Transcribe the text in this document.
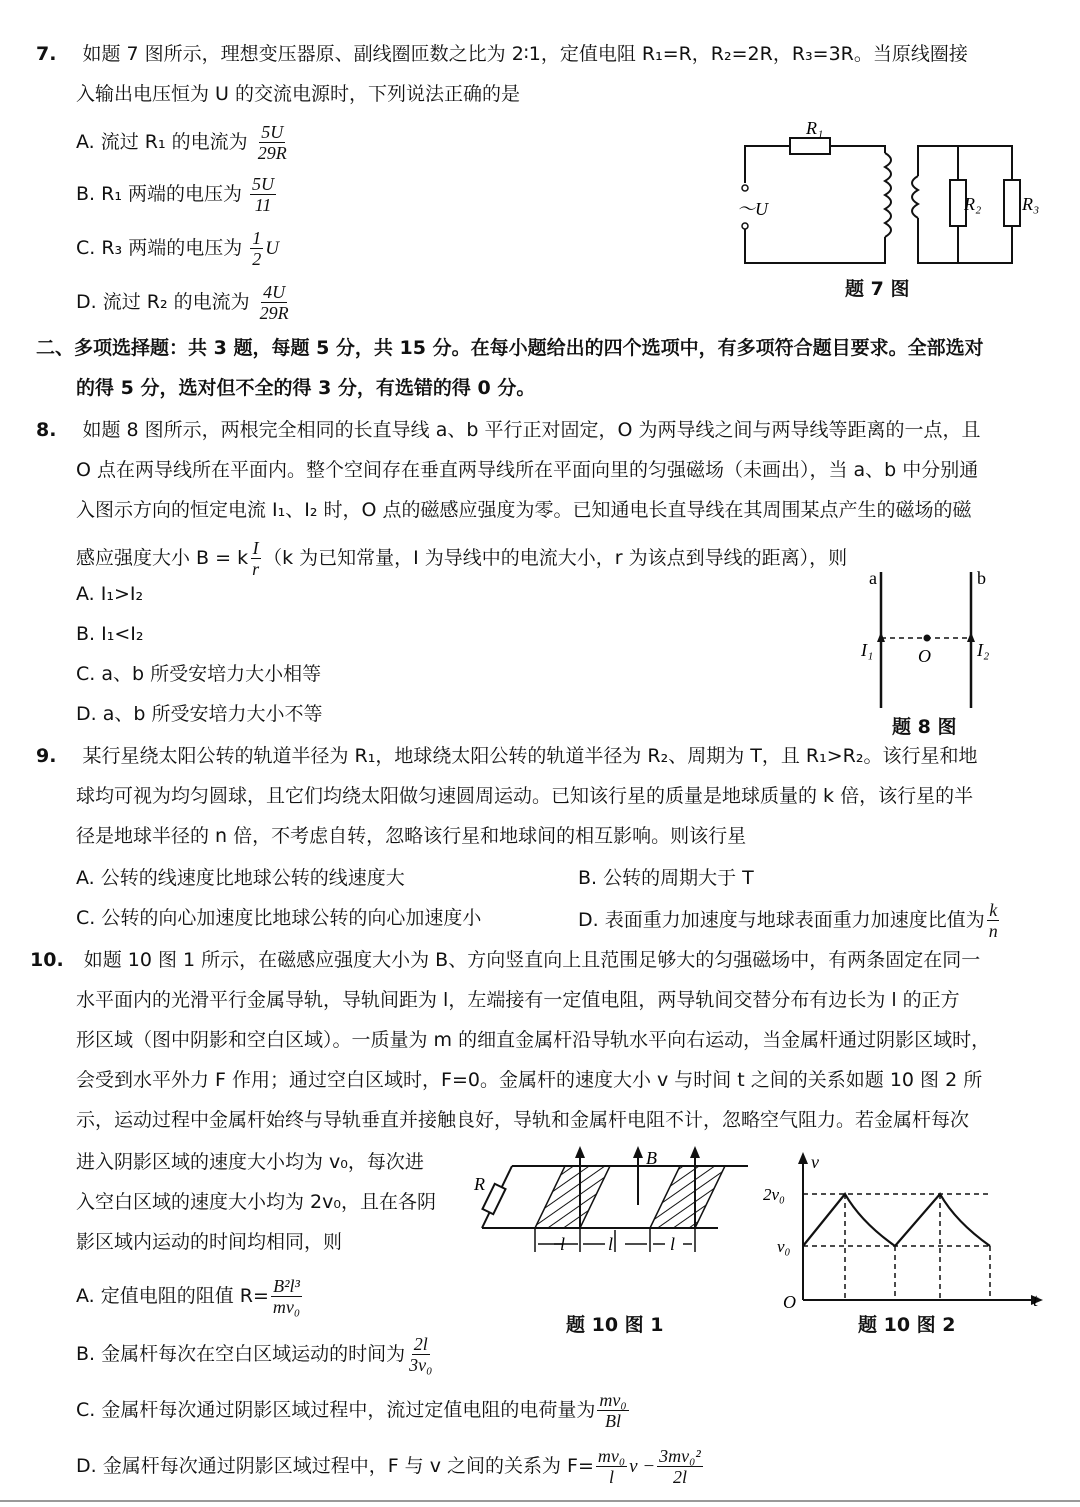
7. 如题 7 图所示，理想变压器原、副线圈匝数之比为 2∶1，定值电阻 R₁=R，R₂=2R，R₃=3R。当原线圈接
入输出电压恒为 U 的交流电源时，下列说法正确的是
A. 流过 R₁ 的电流为 $\frac{5U}{29R}$
B. R₁ 两端的电压为 $\frac{5U}{11}$
C. R₃ 两端的电压为 $\frac{1}{2}$ U
D. 流过 R₂ 的电流为 $\frac{4U}{29R}$
R₁
R₂ R₃
～U
题 7 图
二、多项选择题：共 3 题，每题 5 分，共 15 分。在每小题给出的四个选项中，有多项符合题目要求。全部选对
的得 5 分，选对但不全的得 3 分，有选错的得 0 分。
8. 如题 8 图所示，两根完全相同的长直导线 a、b 平行正对固定，O 为两导线之间与两导线等距离的一点，且
O 点在两导线所在平面内。整个空间存在垂直两导线所在平面向里的匀强磁场（未画出），当 a、b 中分别通
入图示方向的恒定电流 I₁、I₂ 时，O 点的磁感应强度为零。已知通电长直导线在其周围某点产生的磁场的磁
感应强度大小 B = k $\frac{I}{r} (k$ 为已知常量，I 为导线中的电流大小，r 为该点到导线的距离），则
A. I₁>I₂
B. I₁<I₂
C. a、b 所受安培力大小相等
D. a、b 所受安培力大小不等
a	b
I₁	I₂
O
题 8 图
9. 某行星绕太阳公转的轨道半径为 R₁，地球绕太阳公转的轨道半径为 R₂、周期为 T，且 R₁>R₂。该行星和地
球均可视为均匀圆球，且它们均绕太阳做匀速圆周运动。已知该行星的质量是地球质量的 k 倍，该行星的半
径是地球半径的 n 倍，不考虑自转，忽略该行星和地球间的相互影响。则该行星
A. 公转的线速度比地球公转的线速度大	B. 公转的周期大于 T
C. 公转的向心加速度比地球公转的向心加速度小	D. 表面重力加速度与地球表面重力加速度比值为 $\frac{k}{n}$
10. 如题 10 图 1 所示，在磁感应强度大小为 B、方向竖直向上且范围足够大的匀强磁场中，有两条固定在同一
水平面内的光滑平行金属导轨，导轨间距为 l，左端接有一定值电阻，两导轨间交替分布有边长为 l 的正方
形区域（图中阴影和空白区域）。一质量为 m 的细直金属杆沿导轨水平向右运动，当金属杆通过阴影区域时，
会受到水平外力 F 作用；通过空白区域时，F=0。金属杆的速度大小 v 与时间 t 之间的关系如题 10 图 2 所
示，运动过程中金属杆始终与导轨垂直并接触良好，导轨和金属杆电阻不计，忽略空气阻力。若金属杆每次
进入阴影区域的速度大小均为 v₀，每次进
入空白区域的速度大小均为 2v₀，且在各阴
影区域内运动的时间均相同，则
A. 定值电阻的阻值 $R= \frac{\text{B²l³}}{\text{mv₀}}$
B. 金属杆每次在空白区域运动的时间为 $\frac{2l}{\text{3v₀}}$
C. 金属杆每次通过阴影区域过程中，流过定值电阻的电荷量为 $\frac{\text{mv₀}}{Bl}$
D. 金属杆每次通过阴影区域过程中，F 与 v 之间的关系为 $F= \frac{\text{mv₀}}{l}$ $v - \frac{\text{3mv₀²}}{2l}$
R
B
l l	l
题 10 图 1
v
t
O
2v₀
v₀
题 10 图 2
